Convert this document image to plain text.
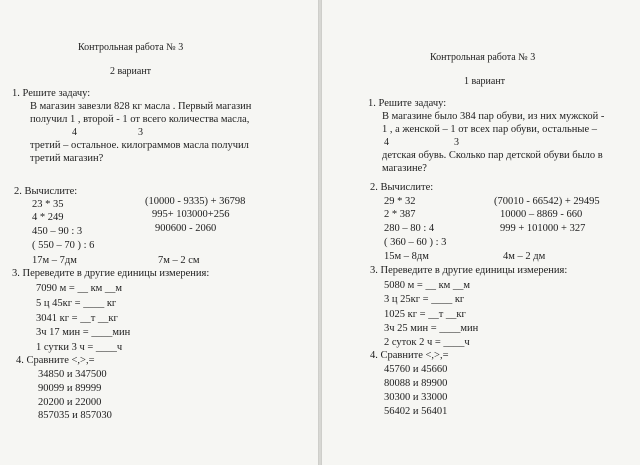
Контрольная работа № 3
2 вариант
1. Решите задачу:
В магазин завезли 828 кг масла . Первый магазин
получил 1 , второй - 1 от всего количества масла,
4	3
третий – остальное. килограммов масла получил
третий магазин?
2. Вычислите:
23 * 35	(10000 - 9335) + 36798
4 * 249	995+ 103000+256
450 – 90 : 3	900600 - 2060
( 550 – 70 ) : 6
17м – 7дм	7м – 2 см
3. Переведите в другие единицы измерения:
7090 м = __ км __м
5 ц 45кг = ____ кг
3041 кг = __т __кг
3ч 17 мин = ____мин
1 сутки 3 ч = ____ч
4. Сравните <,>,=
34850 и 347500
90099 и 89999
20200 и 22000
857035 и 857030
Контрольная работа № 3
1 вариант
1. Решите задачу:
В магазине было 384 пар обуви, из них мужской -
1 , а женской – 1 от всех пар обуви, остальные –
4	3
детская обувь. Сколько пар детской обуви было в
магазине?
2. Вычислите:
29 * 32	(70010 - 66542) + 29495
2 * 387	10000 – 8869 - 660
280 – 80 : 4	999 + 101000 + 327
( 360 – 60 ) : 3
15м – 8дм	4м – 2 дм
3. Переведите в другие единицы измерения:
5080 м = __ км __м
3 ц 25кг = ____ кг
1025 кг = __т __кг
3ч 25 мин = ____мин
2 суток 2 ч = ____ч
4. Сравните <,>,=
45760 и 45660
80088 и 89900
30300 и 33000
56402 и 56401
